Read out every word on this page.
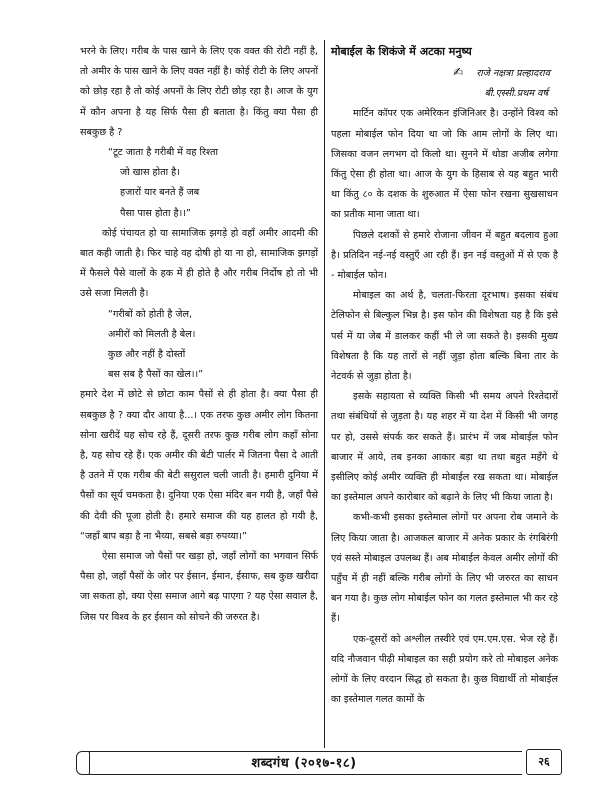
भरने के लिए। गरीब के पास खाने के लिए एक वक्त की रोटी नहीं है, तो अमीर के पास खाने के लिए वक्त नहीं है। कोई रोटी के लिए अपनों को छोड़ रहा है तो कोई अपनों के लिए रोटी छोड़ रहा है। आज के युग में कौन अपना है यह सिर्फ पैसा ही बताता है। किंतु क्या पैसा ही सबकुछ है ?

“टूट जाता है गरीबी में वह रिश्ता

जो खास होता है।

हजारों यार बनते हैं जब

पैसा पास होता है।।”

कोई पंचायत हो या सामाजिक झगड़े हो वहाँ अमीर आदमी की बात कही जाती है। फिर चाहे वह दोषी हो या ना हो, सामाजिक झगड़ों में फैसले पैसे वालों के हक में ही होते है और गरीब निर्दोष हो तो भी उसे सजा मिलती है।

“गरीबों को होती है जेल,

अमीरों को मिलती है बेल।

कुछ और नहीं है दोस्तों

बस सब है पैसों का खेल।।”

हमारे देश में छोटे से छोटा काम पैसों से ही होता है। क्या पैसा ही सबकुछ है ? क्या दौर आया है...। एक तरफ कुछ अमीर लोग कितना सोना खरीदें यह सोच रहे हैं, दूसरी तरफ कुछ गरीब लोग कहाँ सोना है, यह सोच रहे हैं। एक अमीर की बेटी पार्लर में जितना पैसा दे आती है उतने में एक गरीब की बेटी ससुराल चली जाती है। हमारी दुनिया में पैसों का सूर्य चमकता है। दुनिया एक ऐसा मंदिर बन गयी है, जहाँ पैसे की देवी की पूजा होती है। हमारे समाज की यह हालत हो गयी है, “जहाँ बाप बड़ा है ना भैय्या, सबसे बड़ा रुपय्या।”

ऐसा समाज जो पैसों पर खड़ा हो, जहाँ लोगों का भगवान सिर्फ पैसा हो, जहाँ पैसों के जोर पर ईसान, ईमान, ईसाफ, सब कुछ खरीदा जा सकता हो, क्या ऐसा समाज आगे बढ़ पाएगा ? यह ऐसा सवाल है, जिस पर विश्व के हर ईसान को सोचने की जरुरत है।

मोबाईल के शिकंजे में अटका मनुष्य

✍ राजे नक्षत्रा प्रल्हादराव

बी.एस्सी.प्रथम वर्ष

मार्टिन कॉपर एक अमेरिकन इंजिनिअर है। उन्होंने विश्व को पहला मोबाईल फोन दिया था जो कि आम लोगों के लिए था। जिसका वजन लगभग दो किलो था। सुनने में थोडा अजीब लगेगा किंतु ऐसा ही होता था। आज के युग के हिसाब से यह बहुत भारी था किंतु ८० के दशक के शुरुआत में ऐसा फोन रखना सुखसाधन का प्रतीक माना जाता था।

पिछले दशकों से हमारे रोजाना जीवन में बहुत बदलाव हुआ है। प्रतिदिन नई-नई वस्तुएँ आ रही हैं। इन नई वस्तुओं में से एक है - मोबाईल फोन।

मोबाइल का अर्थ है, चलता-फिरता दूरभाष। इसका संबंध टेलिफोन से बिल्कुल भिन्न है। इस फोन की विशेषता यह है कि इसे पर्स में या जेब में डालकर कहीं भी ले जा सकते है। इसकी मुख्य विशेषता है कि यह तारों से नहीं जुड़ा होता बल्कि बिना तार के नेटवर्क से जुड़ा होता है।

इसके सहायता से व्यक्ति किसी भी समय अपने रिश्तेदारों तथा संबंधियों से जुड़ता है। यह शहर में या देश में किसी भी जगह पर हो, उससे संपर्क कर सकते हैं। प्रारंभ में जब मोबाईल फोन बाजार में आये, तब इनका आकार बड़ा था तथा बहुत महँगे थे इसीलिए कोई अमीर व्यक्ति ही मोबाईल रख सकता था। मोबाईल का इस्तेमाल अपने कारोबार को बढ़ाने के लिए भी किया जाता है।

कभी-कभी इसका इस्तेमाल लोगों पर अपना रोब जमाने के लिए किया जाता है। आजकल बाजार में अनेक प्रकार के रंगबिरंगी एवं सस्ते मोबाइल उपलब्ध हैं। अब मोबाईल केवल अमीर लोगों की पहुँच में ही नहीं बल्कि गरीब लोगों के लिए भी जरुरत का साधन बन गया है। कुछ लोग मोबाईल फोन का गलत इस्तेमाल भी कर रहे हैं।

एक-दूसरों को अश्लील तस्वीरे एवं एम.एम.एस. भेज रहे हैं। यदि नौजवान पीढ़ी मोबाइल का सही प्रयोग करे तो मोबाइल अनेक लोगों के लिए वरदान सिद्ध हो सकता है। कुछ विद्यार्थी तो मोबाईल का इस्तेमाल गलत कामों के

शब्दगंध (२०१७-१८)	२६
